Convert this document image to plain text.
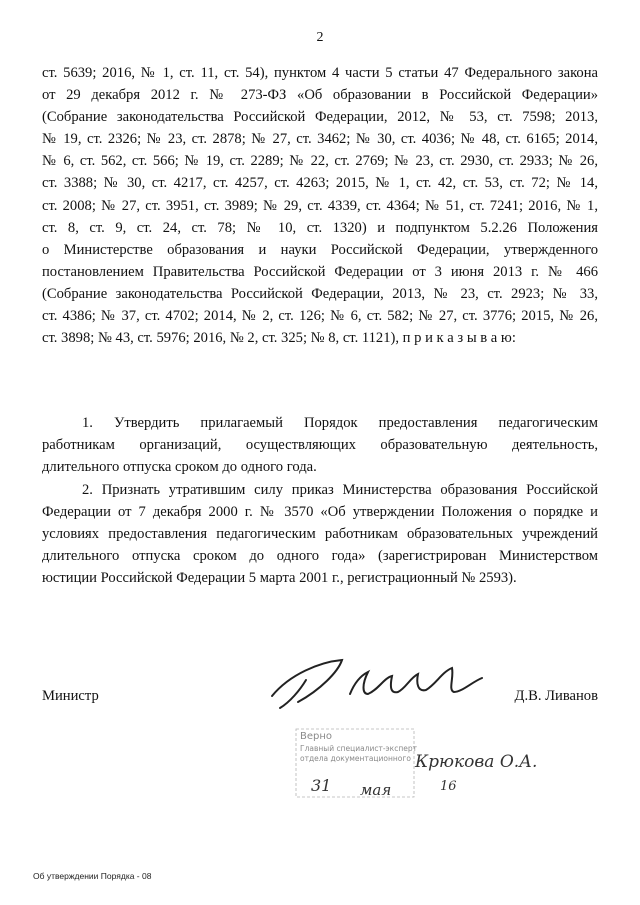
2
ст. 5639; 2016, № 1, ст. 11, ст. 54), пунктом 4 части 5 статьи 47 Федерального закона
от 29 декабря 2012 г. № 273-ФЗ «Об образовании в Российской Федерации»
(Собрание законодательства Российской Федерации, 2012, № 53, ст. 7598; 2013,
№ 19, ст. 2326; № 23, ст. 2878; № 27, ст. 3462; № 30, ст. 4036; № 48, ст. 6165; 2014,
№ 6, ст. 562, ст. 566; № 19, ст. 2289; № 22, ст. 2769; № 23, ст. 2930, ст. 2933; № 26,
ст. 3388; № 30, ст. 4217, ст. 4257, ст. 4263; 2015, № 1, ст. 42, ст. 53, ст. 72; № 14,
ст. 2008; № 27, ст. 3951, ст. 3989; № 29, ст. 4339, ст. 4364; № 51, ст. 7241; 2016, № 1,
ст. 8, ст. 9, ст. 24, ст. 78; № 10, ст. 1320) и подпунктом 5.2.26 Положения
о Министерстве образования и науки Российской Федерации, утвержденного
постановлением Правительства Российской Федерации от 3 июня 2013 г. № 466
(Собрание законодательства Российской Федерации, 2013, № 23, ст. 2923; № 33,
ст. 4386; № 37, ст. 4702; 2014, № 2, ст. 126; № 6, ст. 582; № 27, ст. 3776; 2015, № 26,
ст. 3898; № 43, ст. 5976; 2016, № 2, ст. 325; № 8, ст. 1121), п р и к а з ы в а ю:
1. Утвердить прилагаемый Порядок предоставления педагогическим
работникам организаций, осуществляющих образовательную деятельность,
длительного отпуска сроком до одного года.
2. Признать утратившим силу приказ Министерства образования Российской
Федерации от 7 декабря 2000 г. № 3570 «Об утверждении Положения о порядке и
условиях предоставления педагогическим работникам образовательных учреждений
длительного отпуска сроком до одного года» (зарегистрирован Министерством
юстиции Российской Федерации 5 марта 2001 г., регистрационный № 2593).
Министр	Д.В. Ливанов
Верно
Главный специалист-эксперт
отдела документационного Крюкова О.А.
31 мая	16
Об утверждении Порядка - 08
